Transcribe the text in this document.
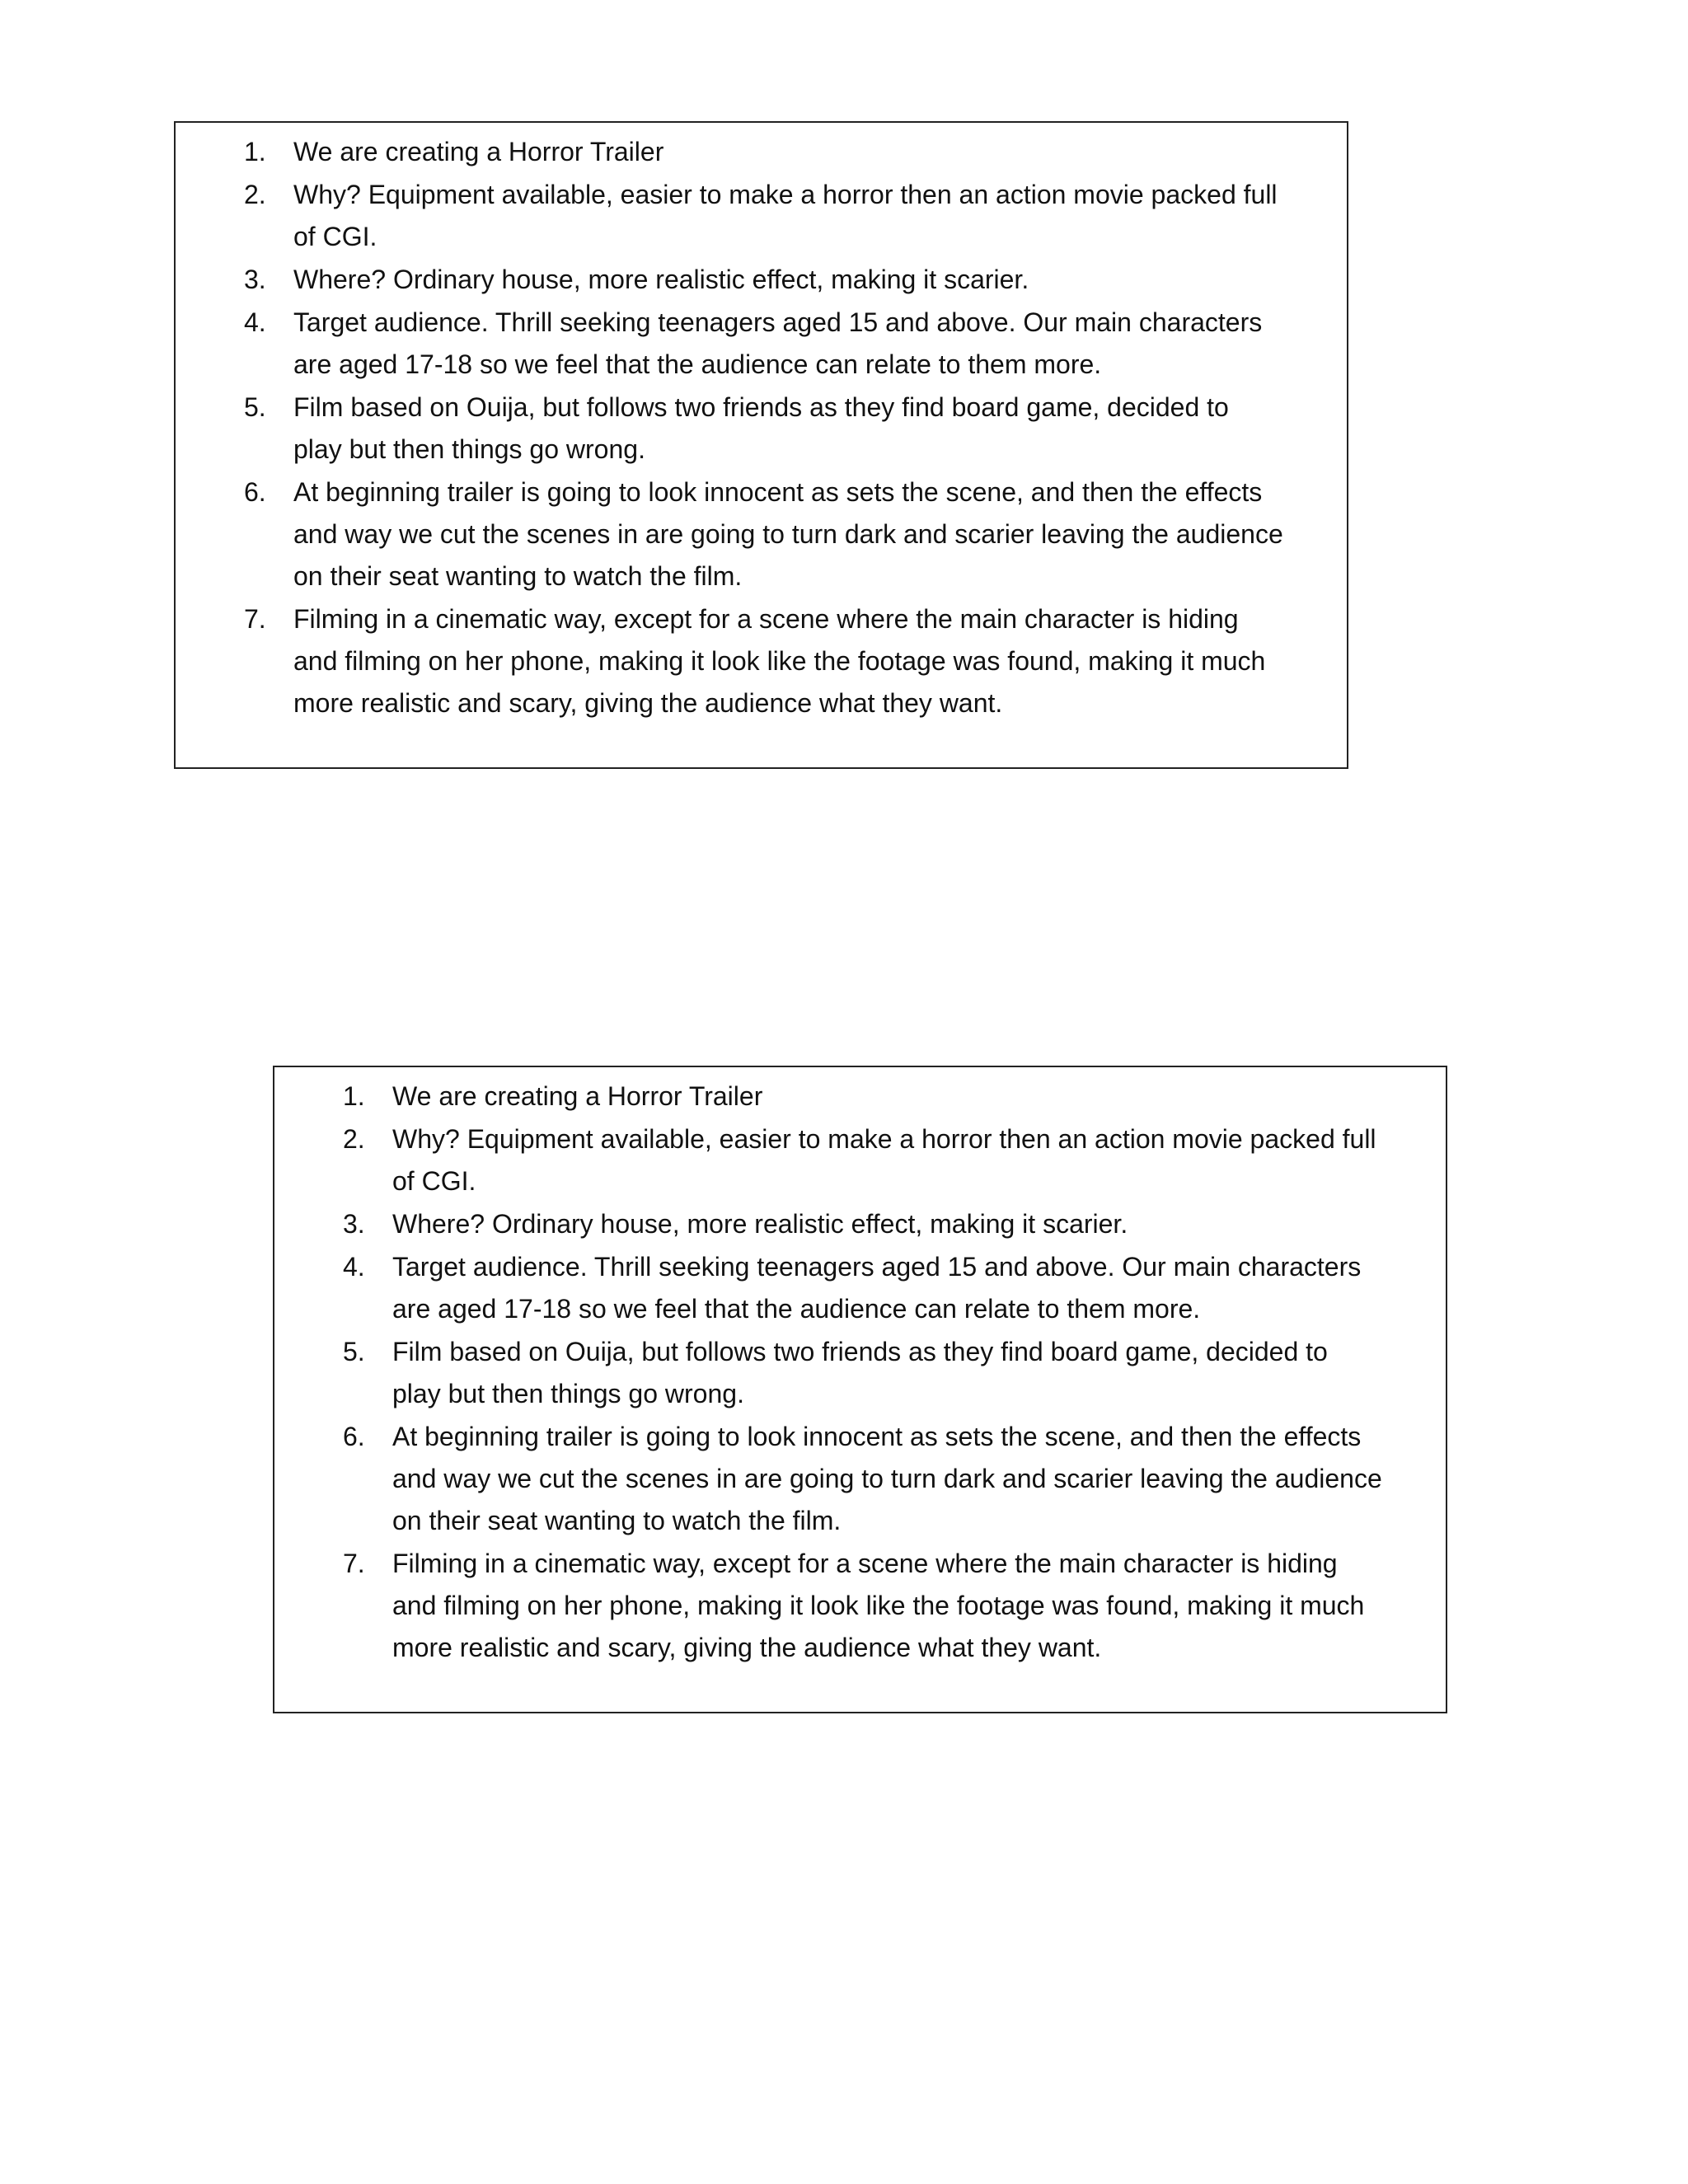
1.	We are creating a Horror Trailer
2.	Why? Equipment available, easier to make a horror then an action movie packed full
of CGI.
3.	Where? Ordinary house, more realistic effect, making it scarier.
4.	Target audience. Thrill seeking teenagers aged 15 and above. Our main characters
are aged 17-18 so we feel that the audience can relate to them more.
5.	Film based on Ouija, but follows two friends as they find board game, decided to
play but then things go wrong.
6.	At beginning trailer is going to look innocent as sets the scene, and then the effects
and way we cut the scenes in are going to turn dark and scarier leaving the audience
on their seat wanting to watch the film.
7.	Filming in a cinematic way, except for a scene where the main character is hiding
and filming on her phone, making it look like the footage was found, making it much
more realistic and scary, giving the audience what they want.
1.	We are creating a Horror Trailer
2.	Why? Equipment available, easier to make a horror then an action movie packed full
of CGI.
3.	Where? Ordinary house, more realistic effect, making it scarier.
4.	Target audience. Thrill seeking teenagers aged 15 and above. Our main characters
are aged 17-18 so we feel that the audience can relate to them more.
5.	Film based on Ouija, but follows two friends as they find board game, decided to
play but then things go wrong.
6.	At beginning trailer is going to look innocent as sets the scene, and then the effects
and way we cut the scenes in are going to turn dark and scarier leaving the audience
on their seat wanting to watch the film.
7.	Filming in a cinematic way, except for a scene where the main character is hiding
and filming on her phone, making it look like the footage was found, making it much
more realistic and scary, giving the audience what they want.
